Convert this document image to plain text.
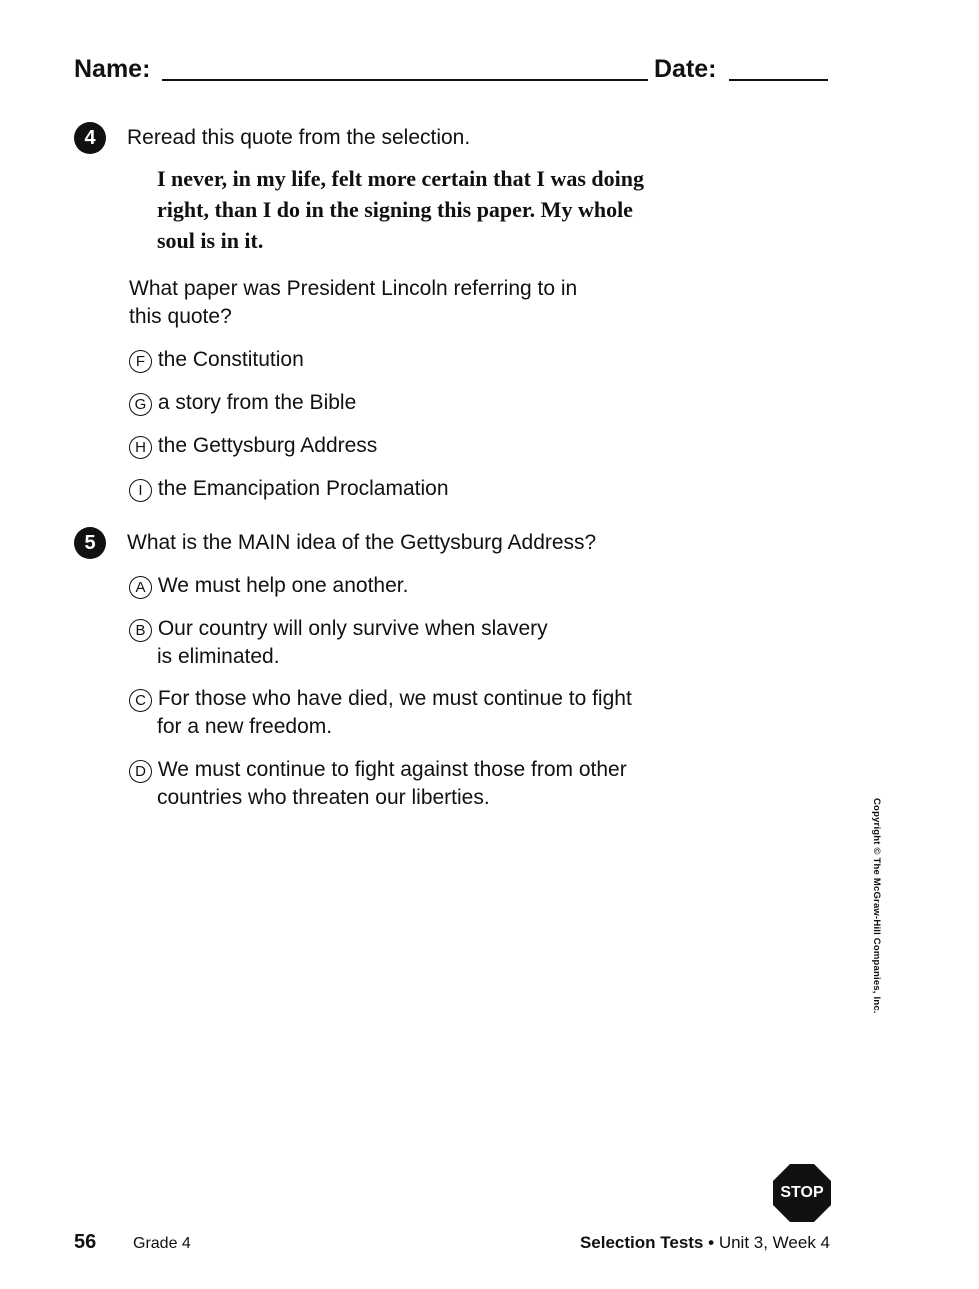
Name:	Date:
4	Reread this quote from the selection.
I never, in my life, felt more certain that I was doing
right, than I do in the signing this paper. My whole
soul is in it.
What paper was President Lincoln referring to in
this quote?
F the Constitution
G a story from the Bible
H the Gettysburg Address
I the Emancipation Proclamation
5	What is the MAIN idea of the Gettysburg Address?
A We must help one another.
B Our country will only survive when slavery
is eliminated.
C For those who have died, we must continue to fight
for a new freedom.
D We must continue to fight against those from other
countries who threaten our liberties.
Copyright © The McGraw-Hill Companies, Inc.
STOP
56 Grade 4	Selection Tests • Unit 3, Week 4
